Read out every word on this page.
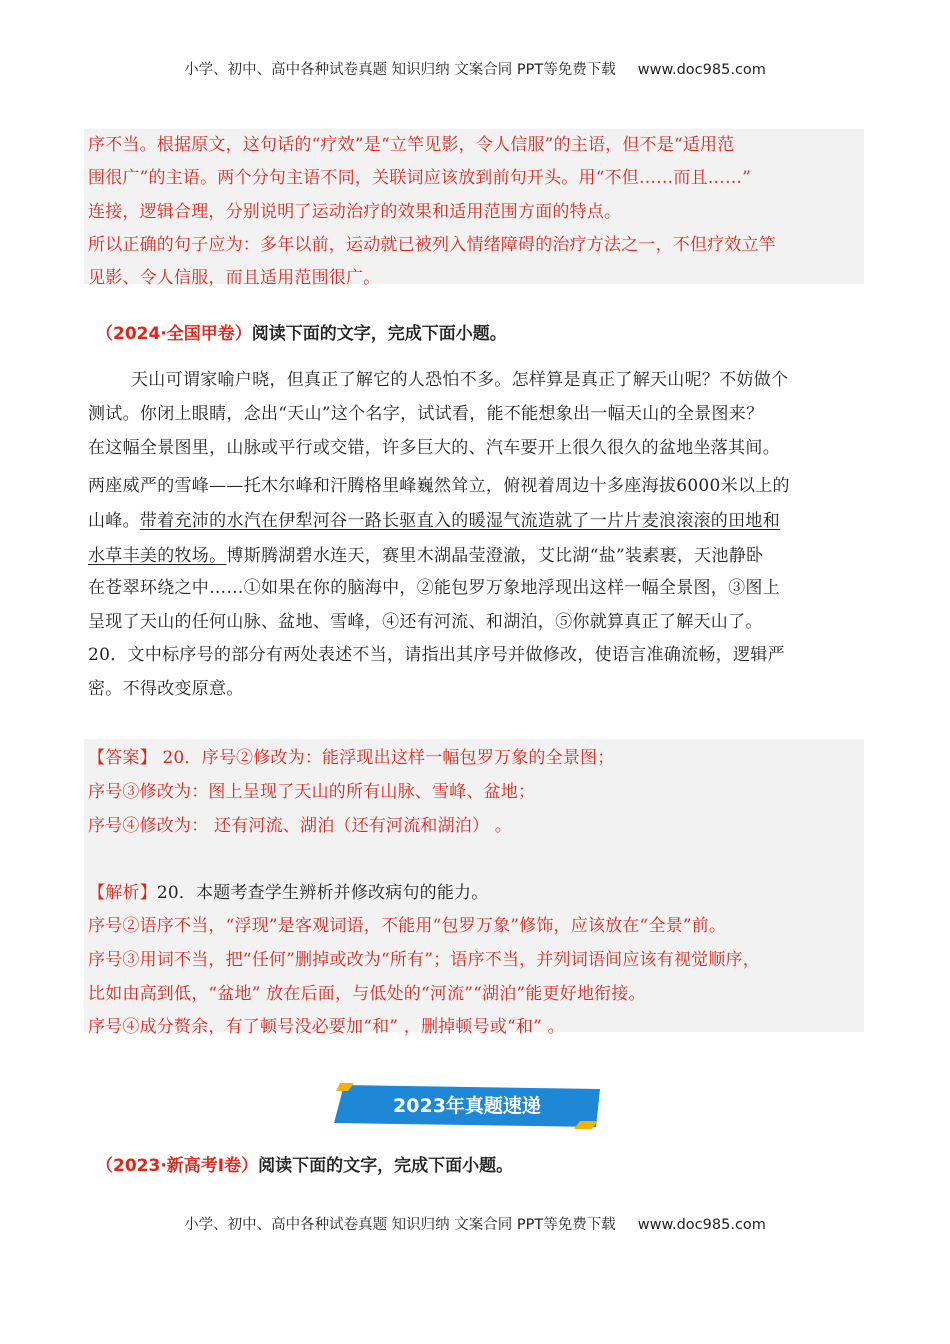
小学、初中、高中各种试卷真题 知识归纳 文案合同 PPT等免费下载 www.doc985.com
序不当。根据原文，这句话的“疗效”是“立竿见影，令人信服”的主语，但不是“适用范
围很广”的主语。两个分句主语不同，关联词应该放到前句开头。用“不但……而且……”
连接，逻辑合理，分别说明了运动治疗的效果和适用范围方面的特点。
所以正确的句子应为：多年以前，运动就已被列入情绪障碍的治疗方法之一，不但疗效立竿
见影、令人信服，而且适用范围很广。
（2024·全国甲卷）阅读下面的文字，完成下面小题。
天山可谓家喻户晓，但真正了解它的人恐怕不多。怎样算是真正了解天山呢？不妨做个
测试。你闭上眼睛，念出“天山”这个名字，试试看，能不能想象出一幅天山的全景图来？
在这幅全景图里，山脉或平行或交错，许多巨大的、汽车要开上很久很久的盆地坐落其间。
两座威严的雪峰——托木尔峰和汗腾格里峰巍然耸立，俯视着周边十多座海拔6000米以上的
山峰。带着充沛的水汽在伊犁河谷一路长驱直入的暖湿气流造就了一片片麦浪滚滚的田地和
水草丰美的牧场。博斯腾湖碧水连天，赛里木湖晶莹澄澈，艾比湖“盐”装素裹，天池静卧
在苍翠环绕之中……①如果在你的脑海中，②能包罗万象地浮现出这样一幅全景图，③图上
呈现了天山的任何山脉、盆地、雪峰，④还有河流、和湖泊，⑤你就算真正了解天山了。
20．文中标序号的部分有两处表述不当，请指出其序号并做修改，使语言准确流畅，逻辑严
密。不得改变原意。
【答案】 20．序号②修改为：能浮现出这样一幅包罗万象的全景图；
序号③修改为：图上呈现了天山的所有山脉、雪峰、盆地；
序号④修改为： 还有河流、湖泊（还有河流和湖泊） 。
【解析】20．本题考查学生辨析并修改病句的能力。
序号②语序不当，“浮现”是客观词语，不能用“包罗万象”修饰，应该放在“全景”前。
序号③用词不当，把“任何”删掉或改为“所有”；语序不当，并列词语间应该有视觉顺序，
比如由高到低，“盆地” 放在后面，与低处的“河流”“湖泊”能更好地衔接。
序号④成分赘余，有了顿号没必要加“和” ，删掉顿号或“和” 。
2023年真题速递
（2023·新高考Ⅰ卷）阅读下面的文字，完成下面小题。
小学、初中、高中各种试卷真题 知识归纳 文案合同 PPT等免费下载 www.doc985.com
